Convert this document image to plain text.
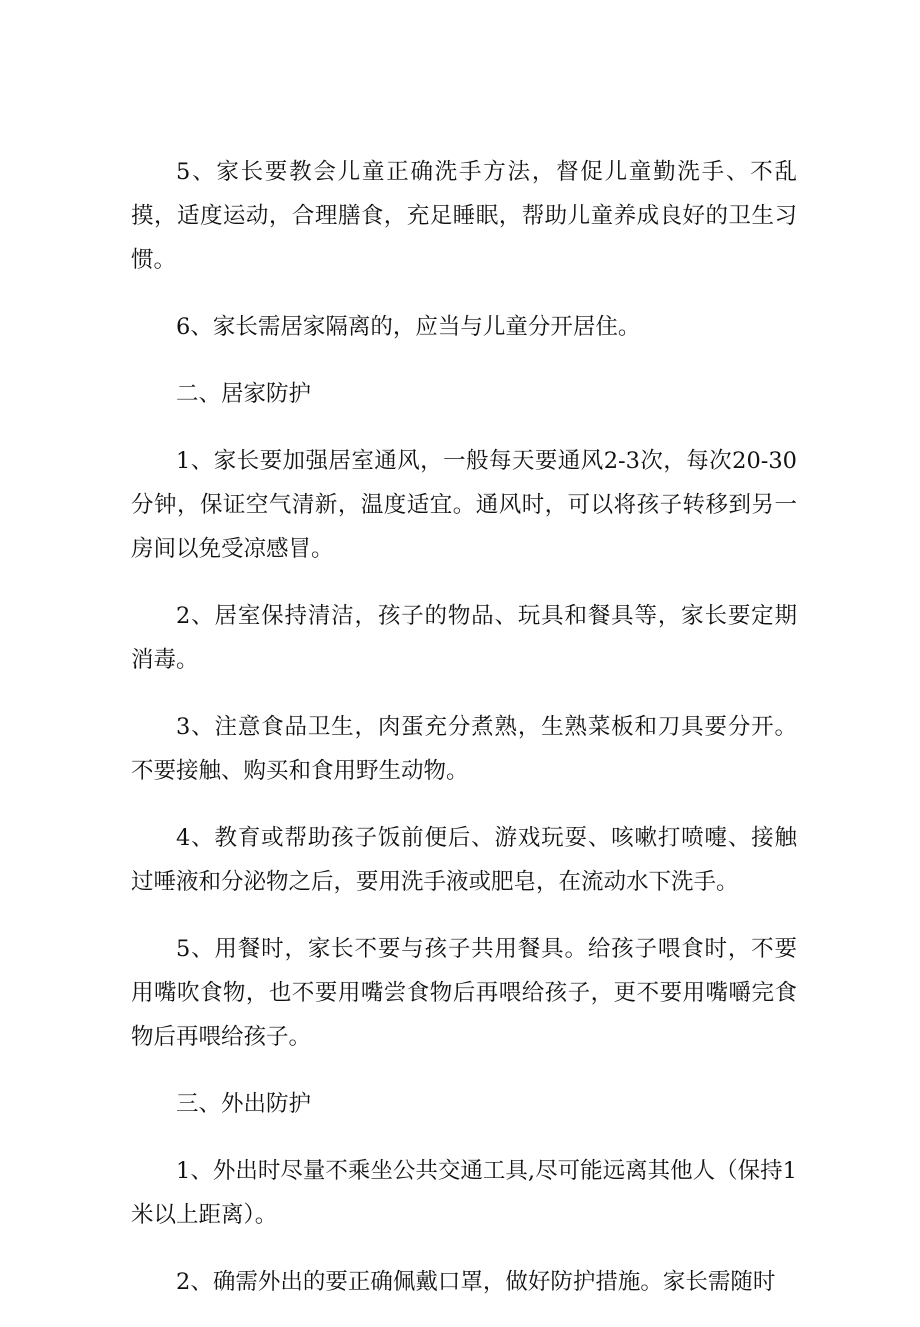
5、家长要教会儿童正确洗手方法，督促儿童勤洗手、不乱摸，适度运动，合理膳食，充足睡眠，帮助儿童养成良好的卫生习惯。

6、家长需居家隔离的，应当与儿童分开居住。

二、居家防护

1、家长要加强居室通风，一般每天要通风2-3次，每次20-30分钟，保证空气清新，温度适宜。通风时，可以将孩子转移到另一房间以免受凉感冒。

2、居室保持清洁，孩子的物品、玩具和餐具等，家长要定期消毒。

3、注意食品卫生，肉蛋充分煮熟，生熟菜板和刀具要分开。不要接触、购买和食用野生动物。

4、教育或帮助孩子饭前便后、游戏玩耍、咳嗽打喷嚏、接触过唾液和分泌物之后，要用洗手液或肥皂，在流动水下洗手。

5、用餐时，家长不要与孩子共用餐具。给孩子喂食时，不要用嘴吹食物，也不要用嘴尝食物后再喂给孩子，更不要用嘴嚼完食物后再喂给孩子。

三、外出防护

1、外出时尽量不乘坐公共交通工具,尽可能远离其他人（保持1米以上距离）。

2、确需外出的要正确佩戴口罩，做好防护措施。家长需随时
